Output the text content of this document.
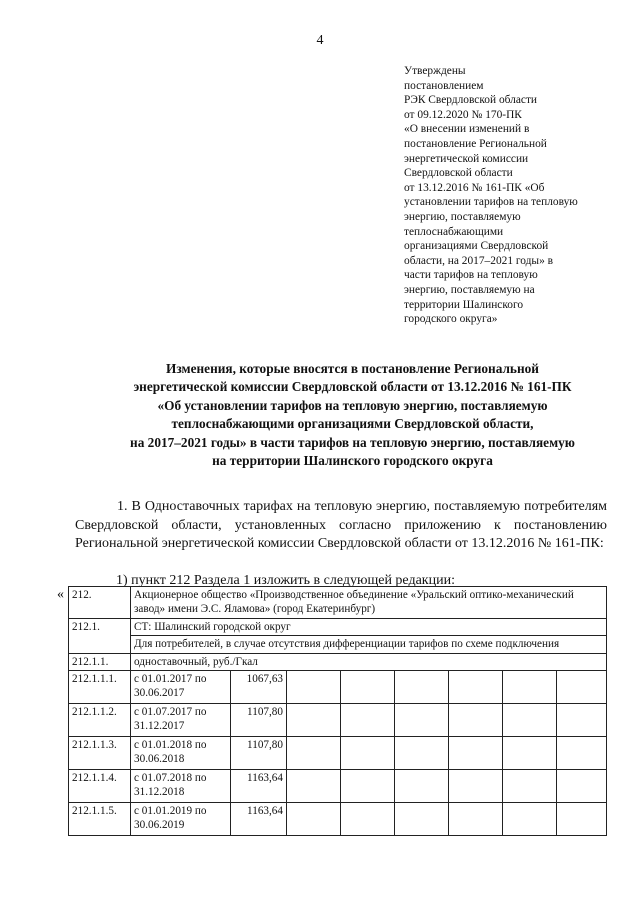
4
Утверждены
постановлением
РЭК Свердловской области
от 09.12.2020 № 170-ПК
«О внесении изменений в
постановление Региональной
энергетической комиссии
Свердловской области
от 13.12.2016 № 161-ПК «Об
установлении тарифов на тепловую
энергию, поставляемую
теплоснабжающими
организациями Свердловской
области, на 2017–2021 годы» в
части тарифов на тепловую
энергию, поставляемую на
территории Шалинского
городского округа»
Изменения, которые вносятся в постановление Региональной
энергетической комиссии Свердловской области от 13.12.2016 № 161-ПК
«Об установлении тарифов на тепловую энергию, поставляемую
теплоснабжающими организациями Свердловской области,
на 2017–2021 годы» в части тарифов на тепловую энергию, поставляемую
на территории Шалинского городского округа

1. В Одноставочных тарифах на тепловую энергию, поставляемую потребителям Свердловской области, установленных согласно приложению к постановлению Региональной энергетической комиссии Свердловской области от 13.12.2016 № 161-ПК:

1) пункт 212 Раздела 1 изложить в следующей редакции:
« 212.	Акционерное общество «Производственное объединение «Уральский оптико-механический завод» имени Э.С. Яламова» (город Екатеринбург)							
212.1.	СТ: Шалинский городской округ							
	Для потребителей, в случае отсутствия дифференциации тарифов по схеме подключения							
212.1.1.	одноставочный, руб./Гкал							
212.1.1.1.	с 01.01.2017 по 30.06.2017	1067,63						
212.1.1.2.	с 01.07.2017 по 31.12.2017	1107,80						
212.1.1.3.	с 01.01.2018 по 30.06.2018	1107,80						
212.1.1.4.	с 01.07.2018 по 31.12.2018	1163,64						
212.1.1.5.	с 01.01.2019 по 30.06.2019	1163,64						
